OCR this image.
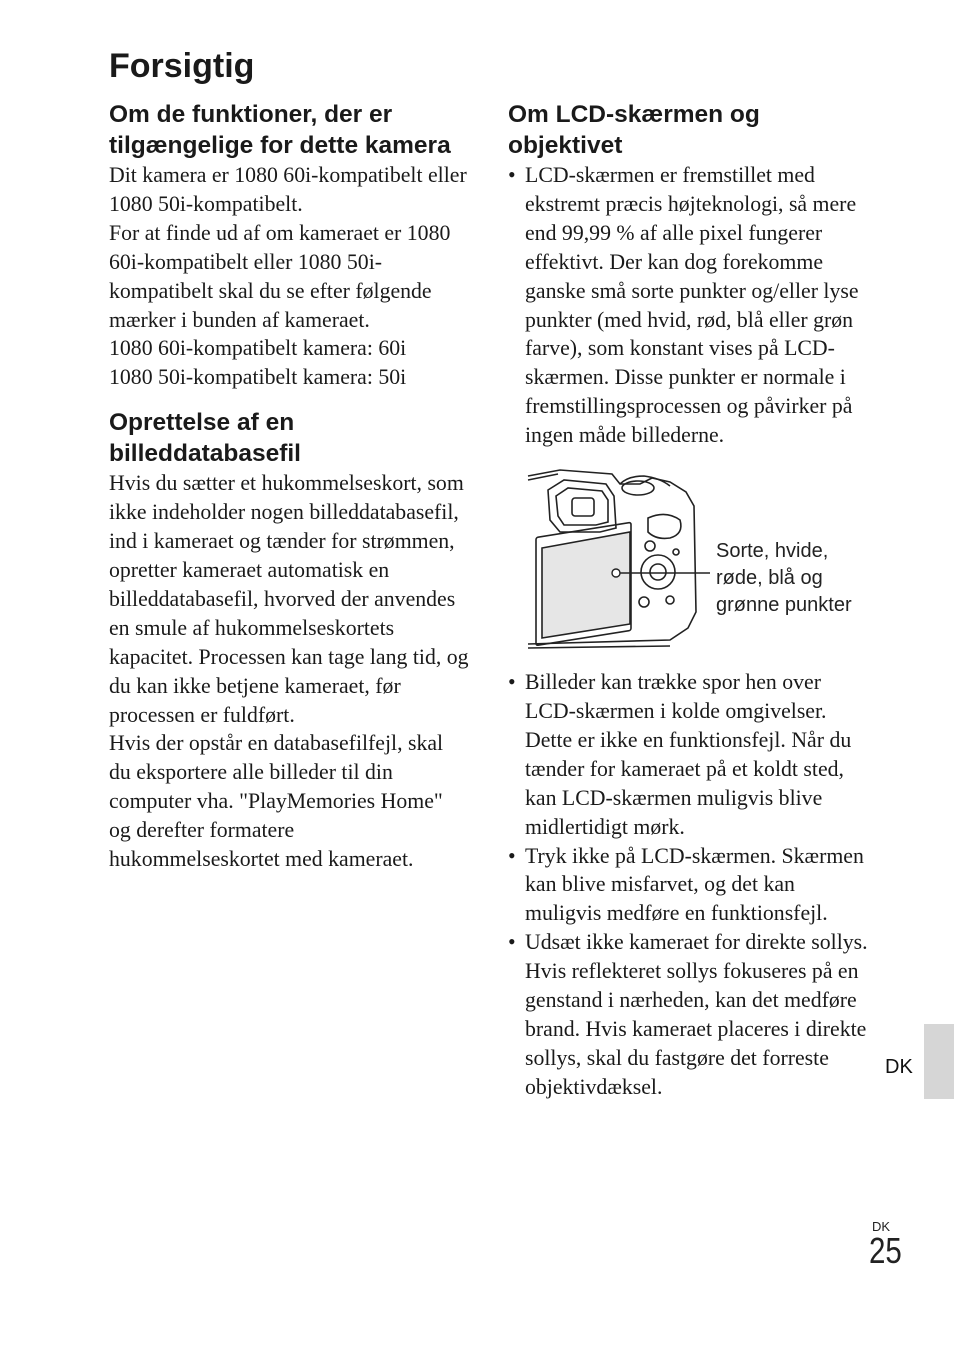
Forsigtig
Om de funktioner, der er tilgængelige for dette kamera

Dit kamera er 1080 60i-kompatibelt eller 1080 50i-kompatibelt.

For at finde ud af om kameraet er 1080 60i-kompatibelt eller 1080 50i-kompatibelt skal du se efter følgende mærker i bunden af kameraet.

1080 60i-kompatibelt kamera: 60i

1080 50i-kompatibelt kamera: 50i

Oprettelse af en billeddatabasefil

Hvis du sætter et hukommelseskort, som ikke indeholder nogen billeddatabasefil, ind i kameraet og tænder for strømmen, opretter kameraet automatisk en billeddatabasefil, hvorved der anvendes en smule af hukommelseskortets kapacitet. Processen kan tage lang tid, og du kan ikke betjene kameraet, før processen er fuldført.

Hvis der opstår en databasefilfejl, skal du eksportere alle billeder til din computer vha. "PlayMemories Home" og derefter formatere hukommelseskortet med kameraet.

Om LCD-skærmen og objektivet
• LCD-skærmen er fremstillet med ekstremt præcis højteknologi, så mere end 99,99 % af alle pixel fungerer effektivt. Der kan dog forekomme ganske små sorte punkter og/eller lyse punkter (med hvid, rød, blå eller grøn farve), som konstant vises på LCD-skærmen. Disse punkter er normale i fremstillingsprocessen og påvirker på ingen måde billederne.
Sorte, hvide, røde, blå og grønne punkter
• Billeder kan trække spor hen over LCD-skærmen i kolde omgivelser. Dette er ikke en funktionsfejl. Når du tænder for kameraet på et koldt sted, kan LCD-skærmen muligvis blive midlertidigt mørk.
• Tryk ikke på LCD-skærmen. Skærmen kan blive misfarvet, og det kan muligvis medføre en funktionsfejl.
• Udsæt ikke kameraet for direkte sollys. Hvis reflekteret sollys fokuseres på en genstand i nærheden, kan det medføre brand. Hvis kameraet placeres i direkte sollys, skal du fastgøre det forreste objektivdæksel.
DK
DK
25
